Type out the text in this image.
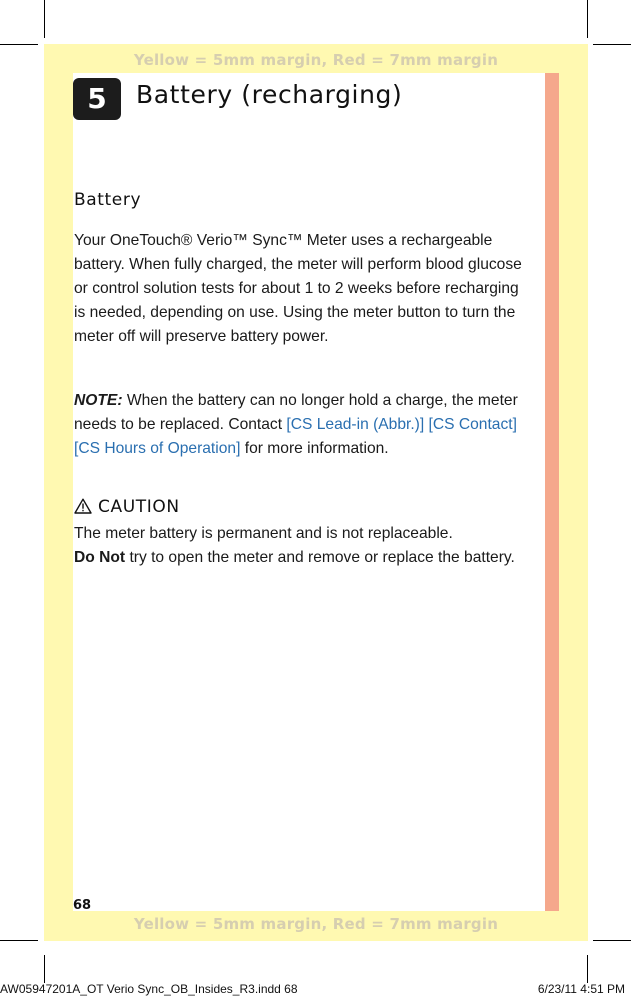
Yellow = 5mm margin, Red = 7mm margin
Yellow = 5mm margin, Red = 7mm margin
5	Battery (recharging)
Battery
Your OneTouch® Verio™ Sync™ Meter uses a rechargeable battery. When fully charged, the meter will perform blood glucose or control solution tests for about 1 to 2 weeks before recharging is needed, depending on use. Using the meter button to turn the meter off will preserve battery power.
NOTE: When the battery can no longer hold a charge, the meter needs to be replaced. Contact [CS Lead-in (Abbr.)] [CS Contact][CS Hours of Operation] for more information.
CAUTION
The meter battery is permanent and is not replaceable.
Do Not try to open the meter and remove or replace the battery.
68
AW05947201A_OT Verio Sync_OB_Insides_R3.indd 68	6/23/11 4:51 PM
